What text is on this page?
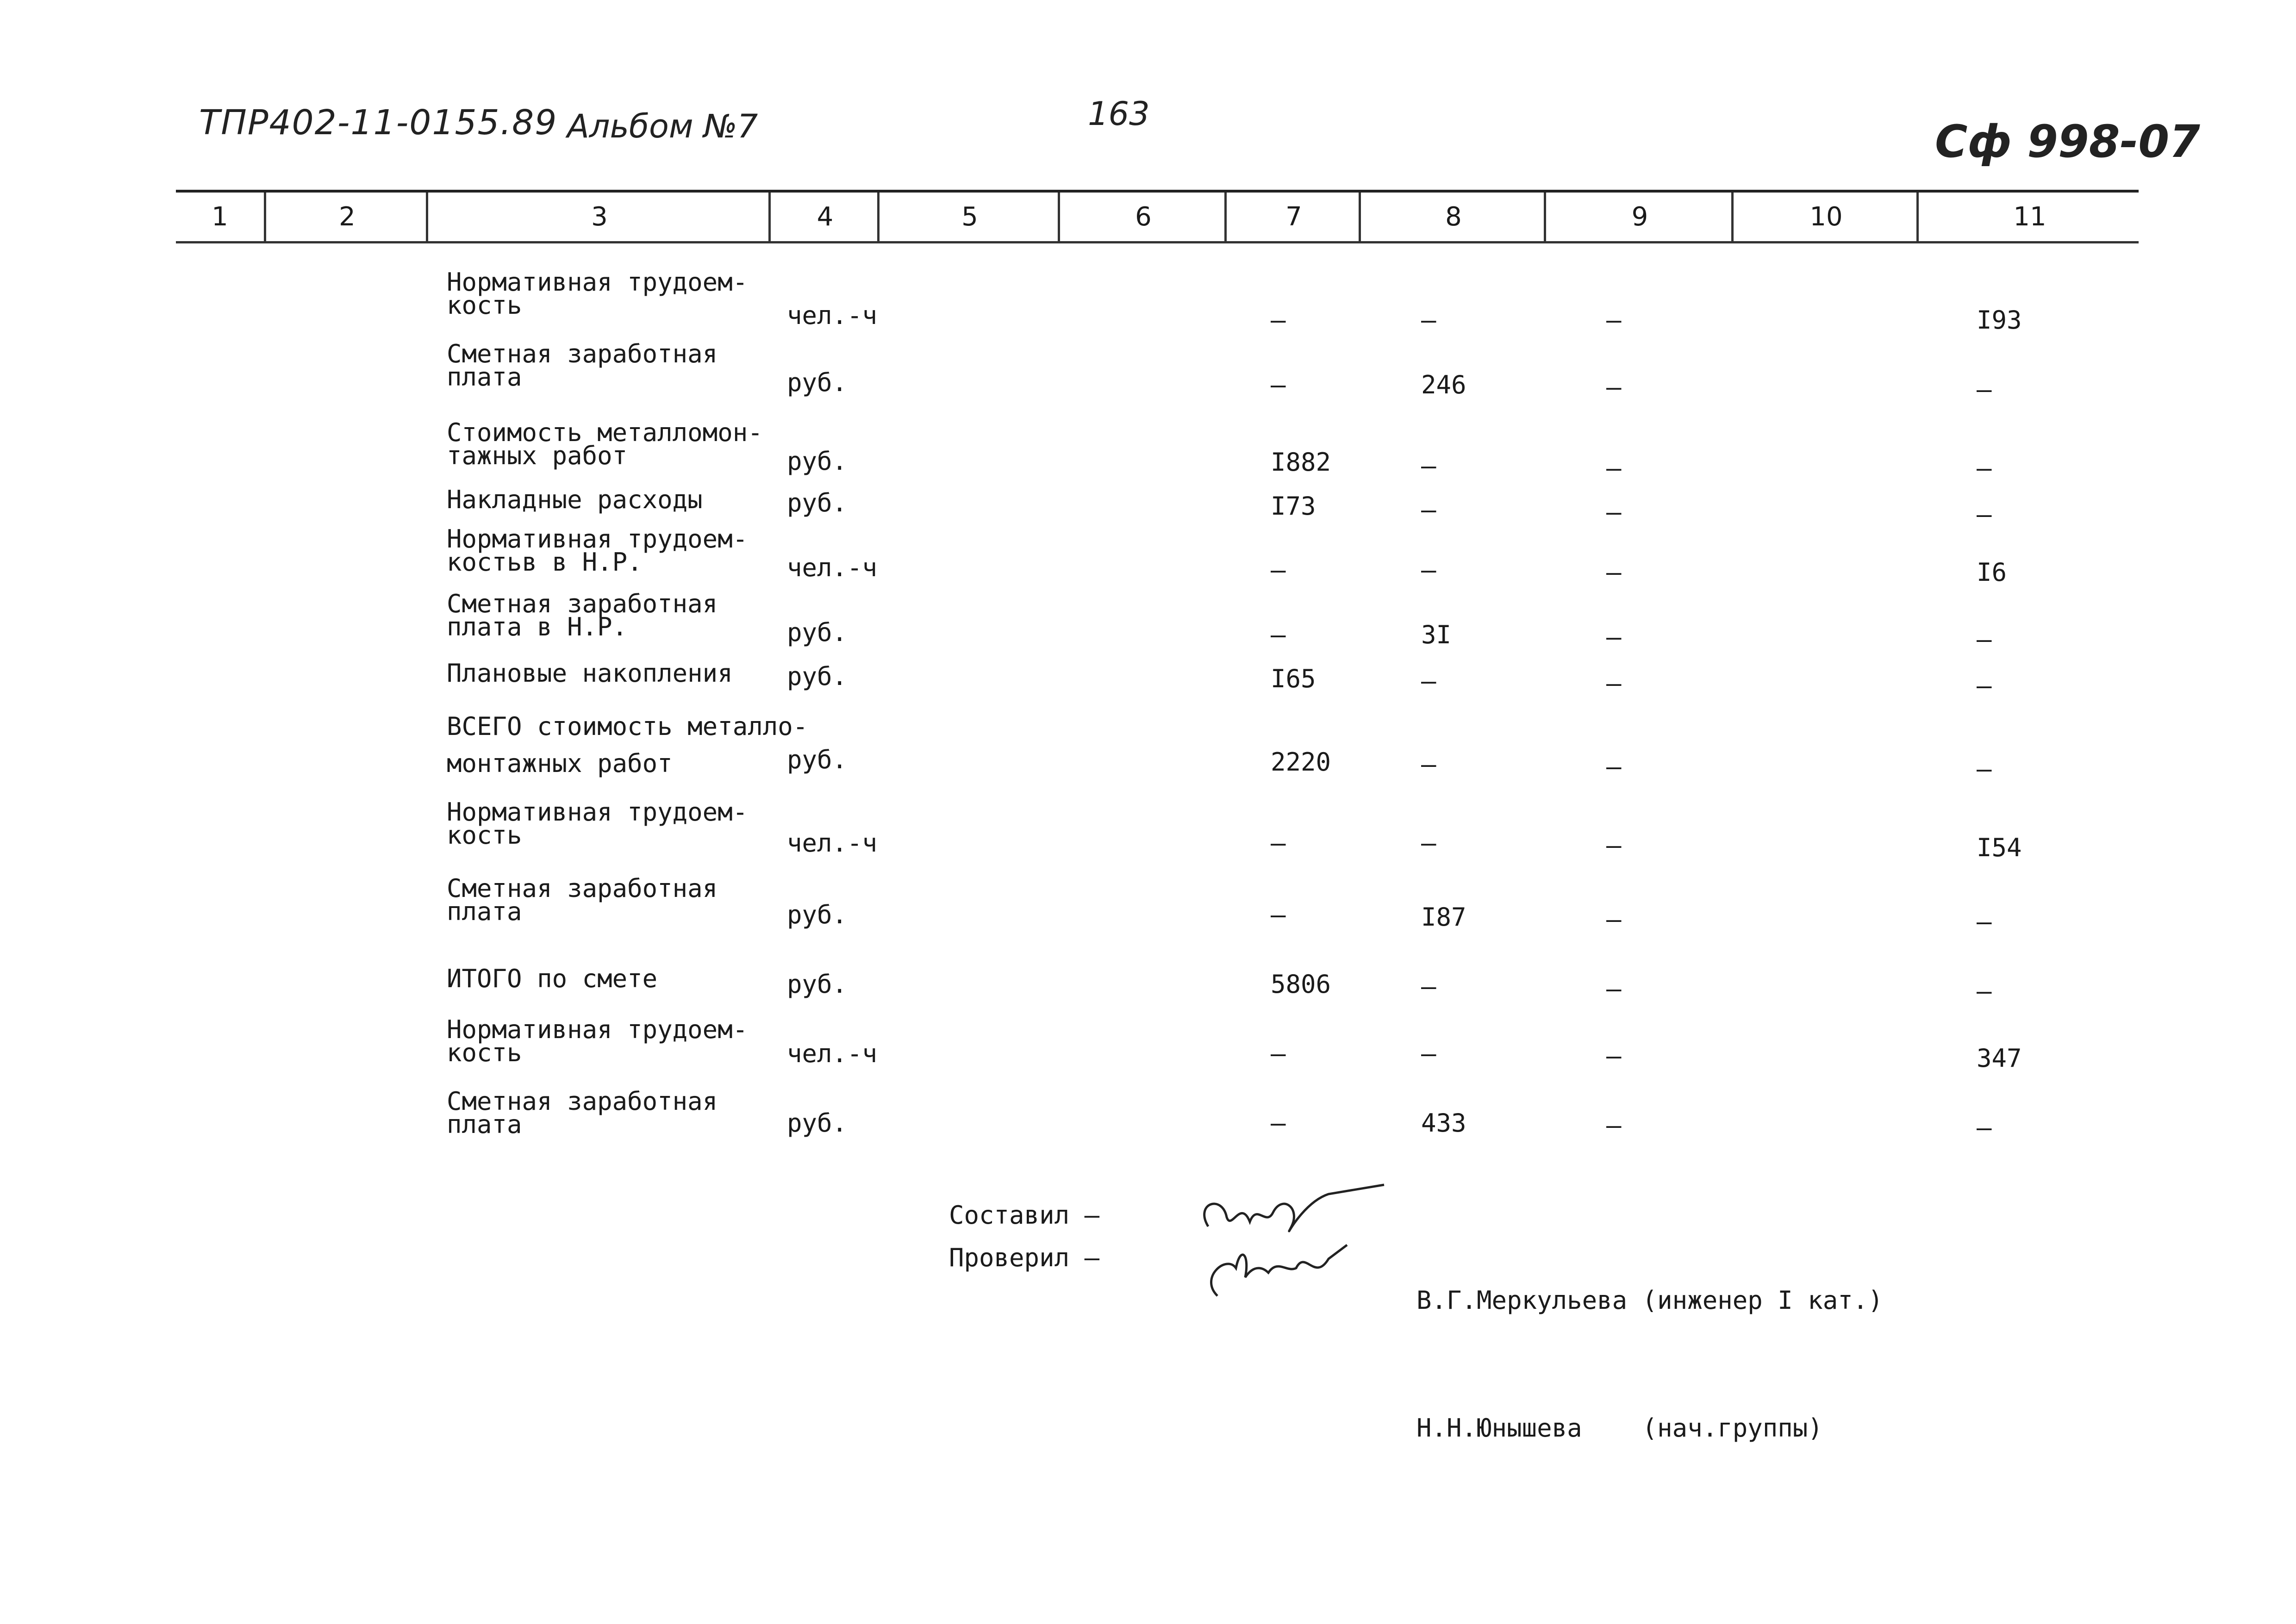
ТПР402-11-0155.89 Альбом №7	163
Сф 998-07
1	2	3	4	5	6	7	8	9	10	11
Нормативная трудоем-
кость	чел.-ч	–	–	–	I93
Сметная заработная
плата	руб.	–	246	–	–
Стоимость металломон-
тажных работ	руб.	I882	–	–	–
Накладные расходы	руб.	I73	–	–	–
Нормативная трудоем-
костьв в Н.Р.	чел.-ч	–	–	–	I6
Сметная заработная
плата в Н.Р.	руб.	–	3I	–	–
Плановые накопления руб.	I65	–	–	–
ВСЕГО стоимость металло-
монтажных работ	руб.	2220	–	–	–
Нормативная трудоем-
кость	чел.-ч	–	–	–	I54
Сметная заработная
плата	руб.	–	I87	–	–
ИТОГО по смете	руб.	5806	–	–	–
Нормативная трудоем-
кость	чел.-ч	–	–	–	347
Сметная заработная
плата	руб.	–	433	–	–
Составил –
Проверил –

В.Г.Меркульева (инженер I кат.)

Н.Н.Юнышева    (нач.группы)
